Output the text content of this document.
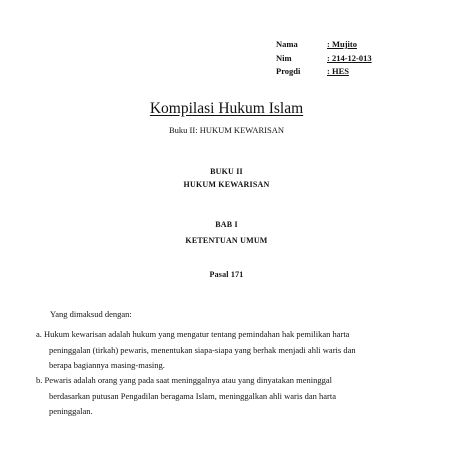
Nama	: Mujito
Nim	: 214-12-013
Progdi	: HES
Kompilasi Hukum Islam
Buku II: HUKUM KEWARISAN
BUKU II
HUKUM KEWARISAN
BAB I
KETENTUAN UMUM
Pasal 171
Yang dimaksud dengan:
a. Hukum kewarisan adalah hukum yang mengatur tentang pemindahan hak pemilikan harta
peninggalan (tirkah) pewaris, menentukan siapa-siapa yang berhak menjadi ahli waris dan
berapa bagiannya masing-masing.
b. Pewaris adalah orang yang pada saat meninggalnya atau yang dinyatakan meninggal
berdasarkan putusan Pengadilan beragama Islam, meninggalkan ahli waris dan harta
peninggalan.
